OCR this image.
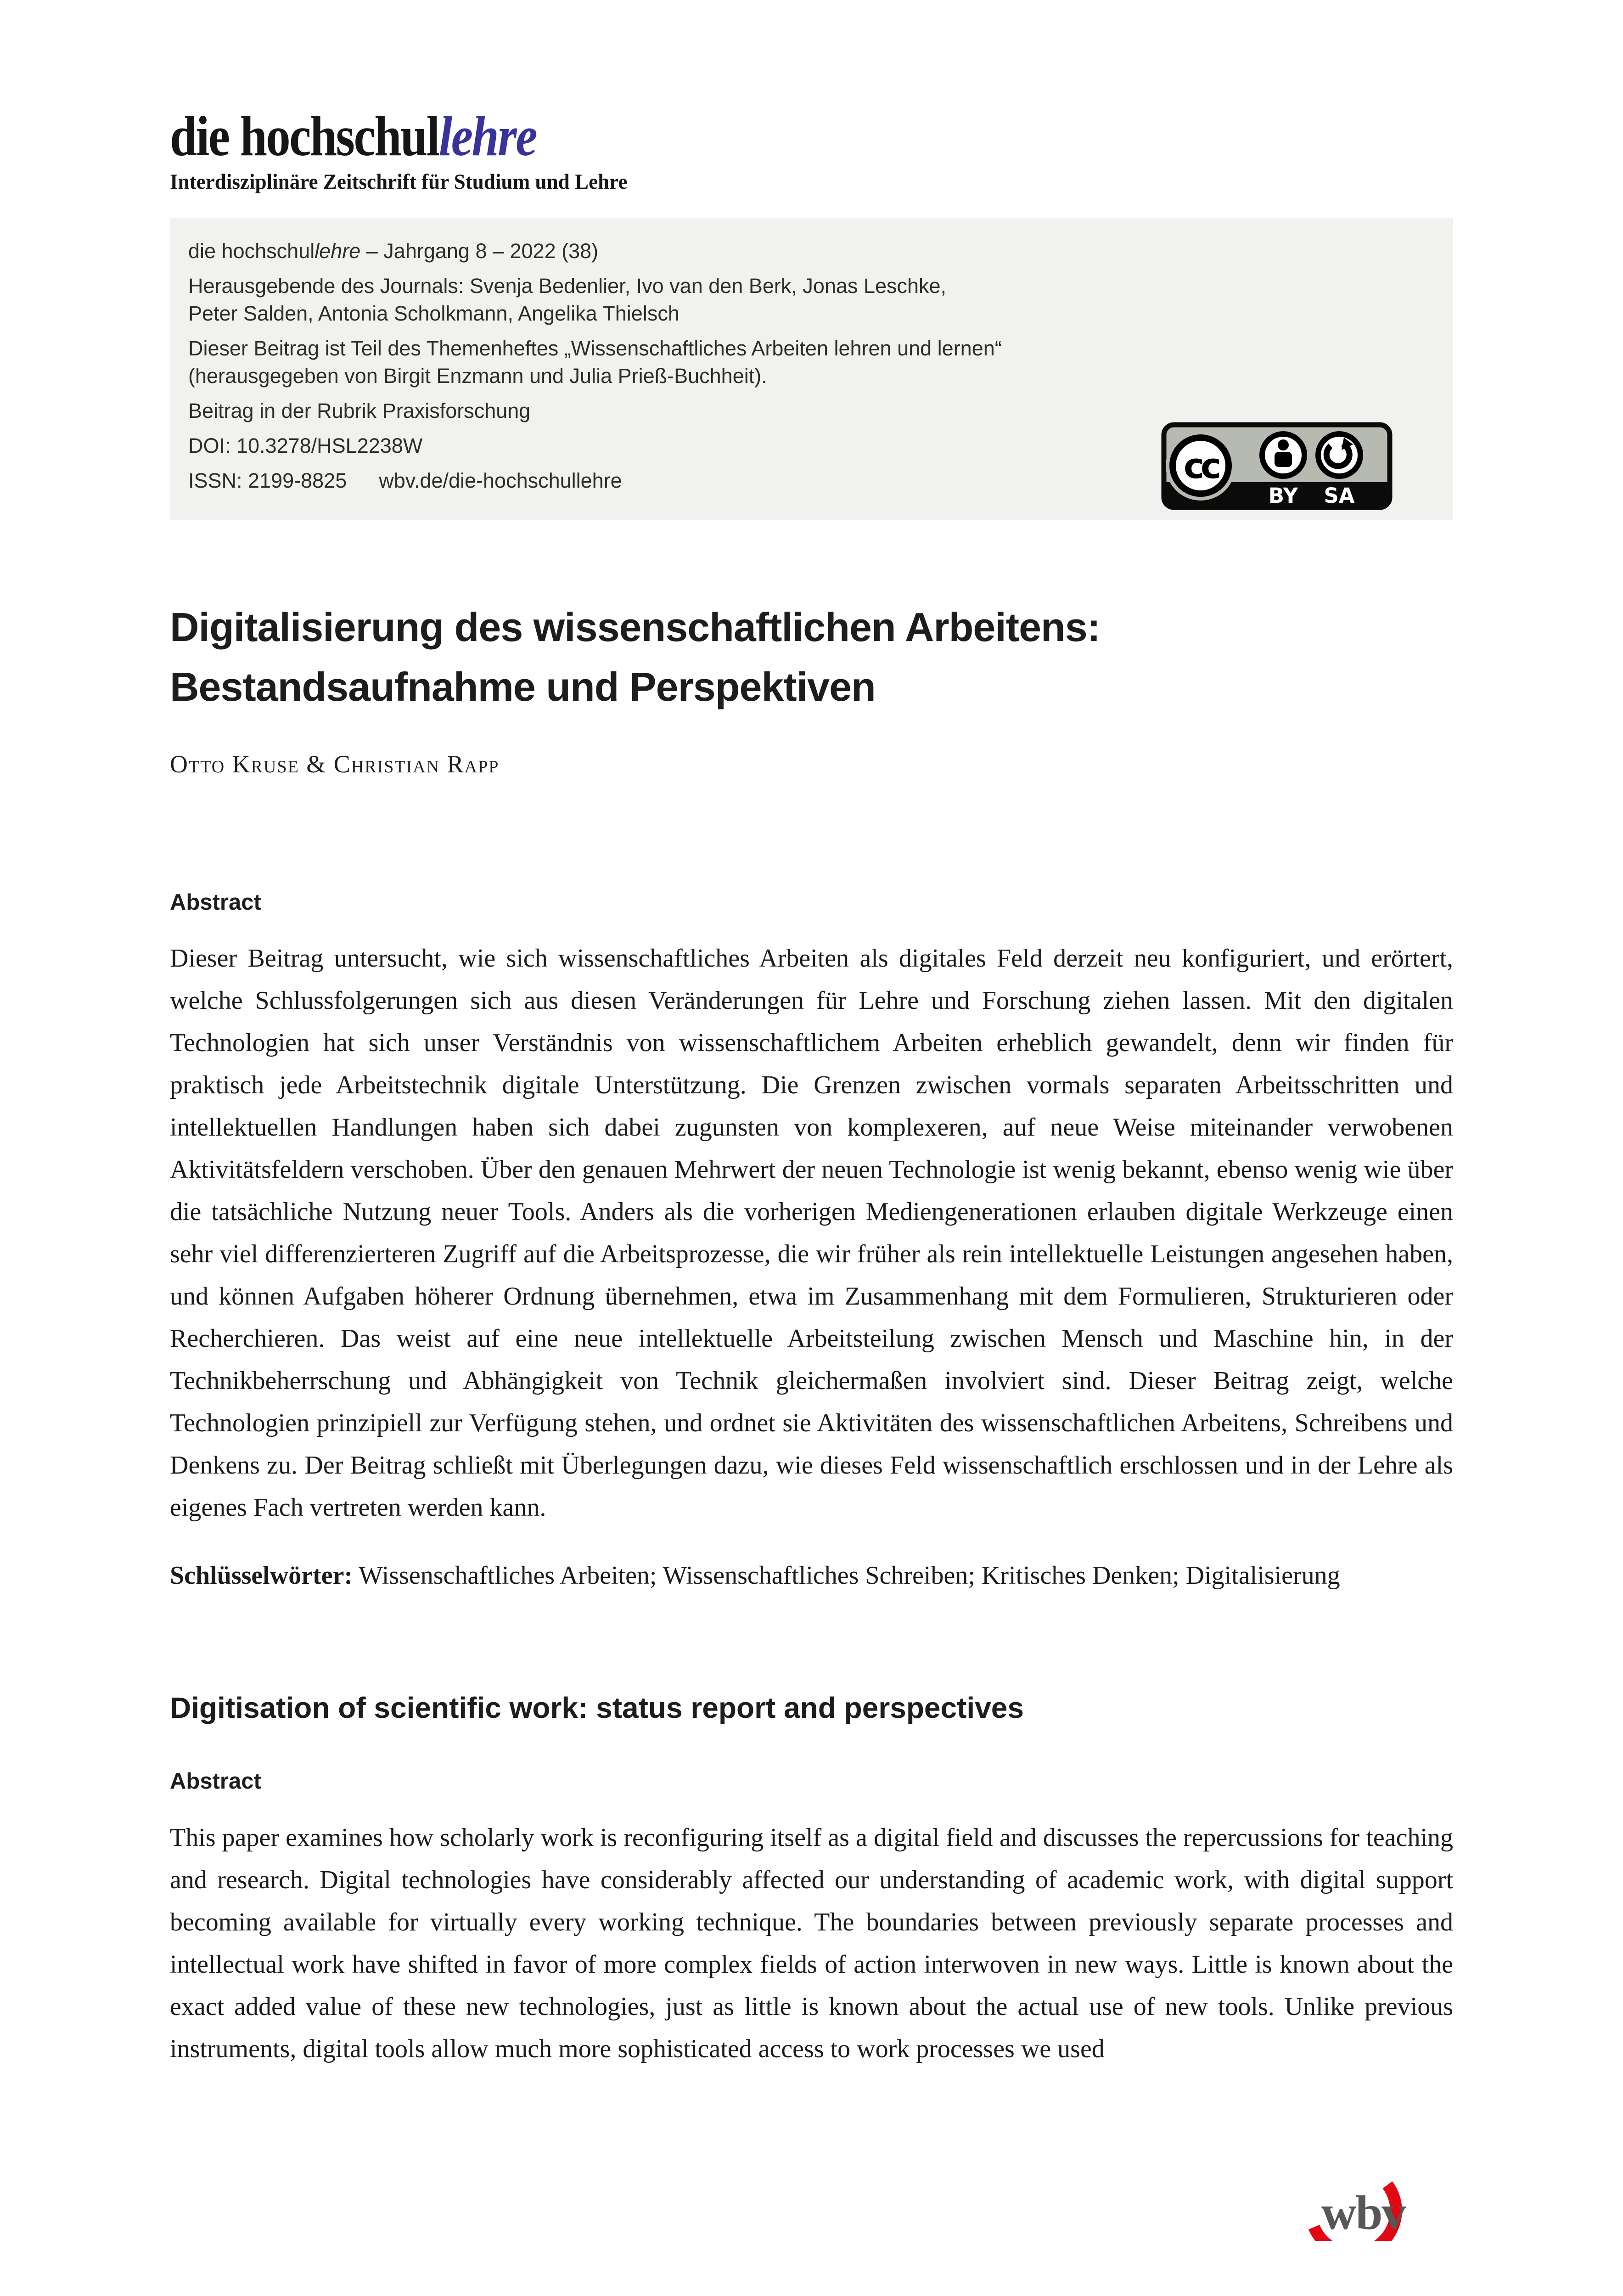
die hochschullehre
Interdisziplinäre Zeitschrift für Studium und Lehre

die hochschullehre – Jahrgang 8 – 2022 (38)

Herausgebende des Journals: Svenja Bedenlier, Ivo van den Berk, Jonas Leschke,
Peter Salden, Antonia Scholkmann, Angelika Thielsch

Dieser Beitrag ist Teil des Themenheftes „Wissenschaftliches Arbeiten lehren und lernen“
(herausgegeben von Birgit Enzmann und Julia Prieß-Buchheit).

Beitrag in der Rubrik Praxisforschung

DOI: 10.3278/HSL2238W

ISSN: 2199-8825 wbv.de/die-hochschullehre	cc
BY SA
Digitalisierung des wissenschaftlichen Arbeitens:
Bestandsaufnahme und Perspektiven
Otto Kruse & Christian Rapp
Abstract

Dieser Beitrag untersucht, wie sich wissenschaftliches Arbeiten als digitales Feld derzeit neu konfiguriert, und erörtert, welche Schlussfolgerungen sich aus diesen Veränderungen für Lehre und Forschung ziehen lassen. Mit den digitalen Technologien hat sich unser Verständnis von wissenschaftlichem Arbeiten erheblich gewandelt, denn wir finden für praktisch jede Arbeitstechnik digitale Unterstützung. Die Grenzen zwischen vormals separaten Arbeitsschritten und intellektuellen Handlungen haben sich dabei zugunsten von komplexeren, auf neue Weise miteinander verwobenen Aktivitätsfeldern verschoben. Über den genauen Mehrwert der neuen Technologie ist wenig bekannt, ebenso wenig wie über die tatsächliche Nutzung neuer Tools. Anders als die vorherigen Mediengenerationen erlauben digitale Werkzeuge einen sehr viel differenzierteren Zugriff auf die Arbeitsprozesse, die wir früher als rein intellektuelle Leistungen angesehen haben, und können Aufgaben höherer Ordnung übernehmen, etwa im Zusammenhang mit dem Formulieren, Strukturieren oder Recherchieren. Das weist auf eine neue intellektuelle Arbeitsteilung zwischen Mensch und Maschine hin, in der Technikbeherrschung und Abhängigkeit von Technik gleichermaßen involviert sind. Dieser Beitrag zeigt, welche Technologien prinzipiell zur Verfügung stehen, und ordnet sie Aktivitäten des wissenschaftlichen Arbeitens, Schreibens und Denkens zu. Der Beitrag schließt mit Überlegungen dazu, wie dieses Feld wissenschaftlich erschlossen und in der Lehre als eigenes Fach vertreten werden kann.

Schlüsselwörter: Wissenschaftliches Arbeiten; Wissenschaftliches Schreiben; Kritisches Denken; Digitalisierung

Digitisation of scientific work: status report and perspectives
Abstract

This paper examines how scholarly work is reconfiguring itself as a digital field and discusses the repercussions for teaching and research. Digital technologies have considerably affected our understanding of academic work, with digital support becoming available for virtually every working technique. The boundaries between previously separate processes and intellectual work have shifted in favor of more complex fields of action interwoven in new ways. Little is known about the exact added value of these new technologies, just as little is known about the actual use of new tools. Unlike previous instruments, digital tools allow much more sophisticated access to work processes we used

wbv
